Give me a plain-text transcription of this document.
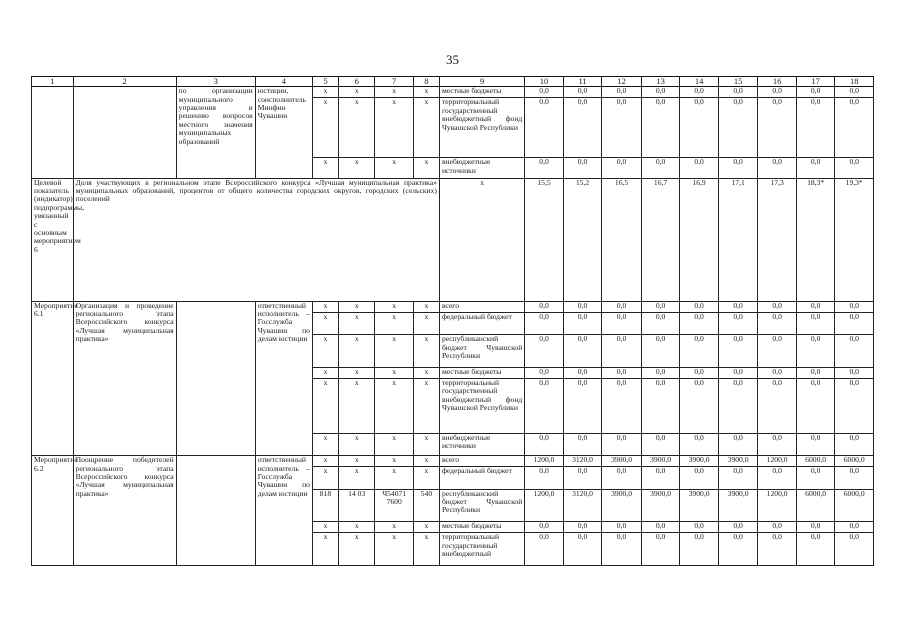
35
1	2	3	4	5	6	7	8	9	10	11	12	13	14	15	16	17	18
		по организации муниципального управления и решению вопросов местного значения муниципальных образований	юстиции, соисполнитель Минфин Чувашии	x	x	x	x	местные бюджеты	0,0	0,0	0,0	0,0	0,0	0,0	0,0	0,0	0,0
				x	x	x	x	территориальный государственный внебюджетный фонд Чувашской Республики	0,0	0,0	0,0	0,0	0,0	0,0	0,0	0,0	0,0
				x	x	x	x	внебюджетные источники	0,0	0,0	0,0	0,0	0,0	0,0	0,0	0,0	0,0
Целевой показатель (индикатор) подпрограммы, увязанный с основным мероприятием 6	Доля участвующих в региональном этапе Всероссийского конкурса «Лучшая муниципальная практика» муниципальных образований, процентов от общего количества городских округов, городских (сельских) поселений							x	15,5	15,2	16,5	16,7	16,9	17,1	17,3	18,3*	19,3*
Мероприятие 6.1	Организация и проведение регионального этапа Всероссийского конкурса «Лучшая муниципальная практика»		ответственный исполнитель – Госслужба Чувашии по делам юстиции	x	x	x	x	всего	0,0	0,0	0,0	0,0	0,0	0,0	0,0	0,0	0,0
				x	x	x	x	федеральный бюджет	0,0	0,0	0,0	0,0	0,0	0,0	0,0	0,0	0,0
				x	x	x	x	республиканский бюджет Чувашской Республики	0,0	0,0	0,0	0,0	0,0	0,0	0,0	0,0	0,0
				x	x	x	x	местные бюджеты	0,0	0,0	0,0	0,0	0,0	0,0	0,0	0,0	0,0
				x	x	x	x	территориальный государственный внебюджетный фонд Чувашской Республики	0,0	0,0	0,0	0,0	0,0	0,0	0,0	0,0	0,0
				x	x	x	x	внебюджетные источники	0,0	0,0	0,0	0,0	0,0	0,0	0,0	0,0	0,0
Мероприятие 6.2	Поощрение победителей регионального этапа Всероссийского конкурса «Лучшая муниципальная практика»		ответственный исполнитель – Госслужба Чувашии по делам юстиции	x	x	x	x	всего	1200,0	3120,0	3900,0	3900,0	3900,0	3900,0	1200,0	6000,0	6000,0
				x	x	x	x	федеральный бюджет	0,0	0,0	0,0	0,0	0,0	0,0	0,0	0,0	0,0
				818	14 03	Ч54071 7600	540	республиканский бюджет Чувашской Республики	1200,0	3120,0	3900,0	3900,0	3900,0	3900,0	1200,0	6000,0	6000,0
				x	x	x	x	местные бюджеты	0,0	0,0	0,0	0,0	0,0	0,0	0,0	0,0	0,0
				x	x	x	x	территориальный государственный внебюджетный	0,0	0,0	0,0	0,0	0,0	0,0	0,0	0,0	0,0
